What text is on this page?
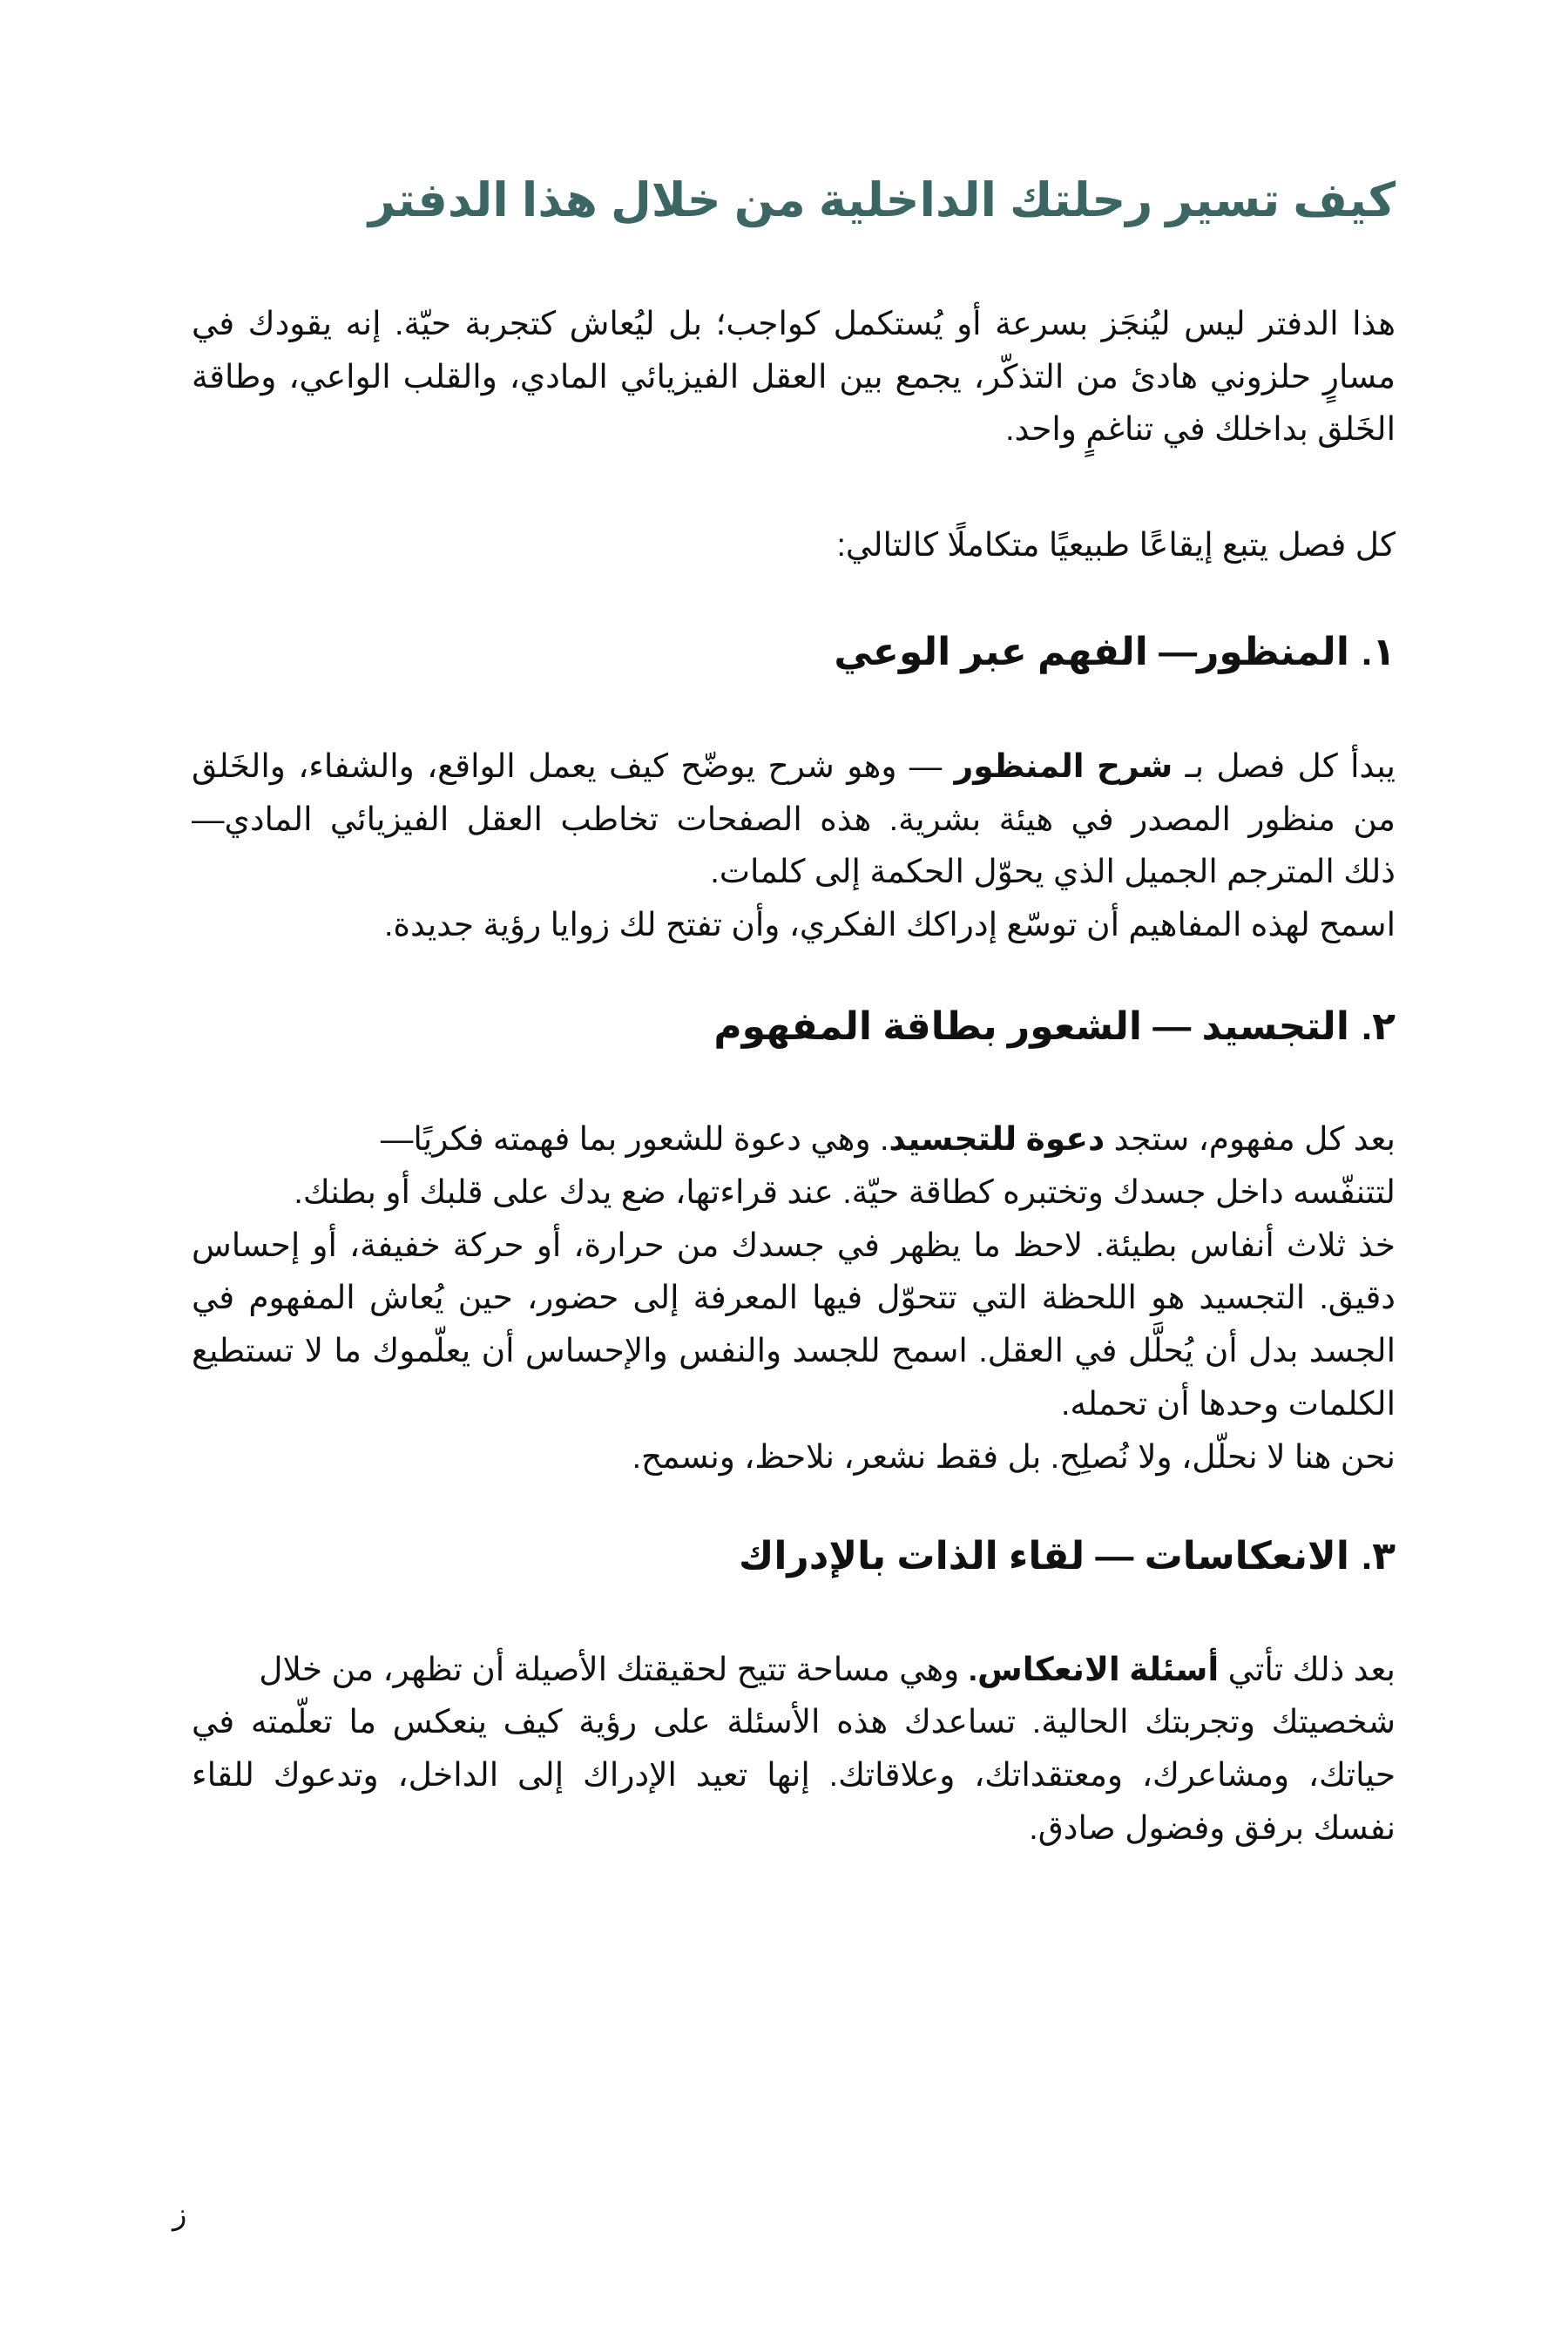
كيف تسير رحلتك الداخلية من خلال هذا الدفتر

هذا الدفتر ليس ليُنجَز بسرعة أو يُستكمل كواجب؛ بل ليُعاش كتجربة حيّة. إنه يقودك في
مسارٍ حلزوني هادئ من التذكّر، يجمع بين العقل الفيزيائي المادي، والقلب الواعي، وطاقة
الخَلق بداخلك في تناغمٍ واحد.

كل فصل يتبع إيقاعًا طبيعيًا متكاملًا كالتالي:

١.المنظور— الفهم عبر الوعي

يبدأ كل فصل بـ شرح المنظور — وهو شرح يوضّح كيف يعمل الواقع، والشفاء، والخَلق
من منظور المصدر في هيئة بشرية. هذه الصفحات تخاطب العقل الفيزيائي المادي—
ذلك المترجم الجميل الذي يحوّل الحكمة إلى كلمات.
اسمح لهذه المفاهيم أن توسّع إدراكك الفكري، وأن تفتح لك زوايا رؤية جديدة.

٢.التجسيد — الشعور بطاقة المفهوم

بعد كل مفهوم، ستجد دعوة للتجسيد. وهي دعوة للشعور بما فهمته فكريًا—
لتتنفّسه داخل جسدك وتختبره كطاقة حيّة. عند قراءتها، ضع يدك على قلبك أو بطنك.
خذ ثلاث أنفاس بطيئة. لاحظ ما يظهر في جسدك من حرارة، أو حركة خفيفة، أو إحساس
دقيق. التجسيد هو اللحظة التي تتحوّل فيها المعرفة إلى حضور، حين يُعاش المفهوم في
الجسد بدل أن يُحلَّل في العقل. اسمح للجسد والنفس والإحساس أن يعلّموك ما لا تستطيع
الكلمات وحدها أن تحمله.
نحن هنا لا نحلّل، ولا نُصلِح. بل فقط نشعر، نلاحظ، ونسمح.

٣.الانعكاسات — لقاء الذات بالإدراك

بعد ذلك تأتي أسئلة الانعكاس. وهي مساحة تتيح لحقيقتك الأصيلة أن تظهر، من خلال
شخصيتك وتجربتك الحالية. تساعدك هذه الأسئلة على رؤية كيف ينعكس ما تعلّمته في
حياتك، ومشاعرك، ومعتقداتك، وعلاقاتك. إنها تعيد الإدراك إلى الداخل، وتدعوك للقاء
نفسك برفق وفضول صادق.

ز
